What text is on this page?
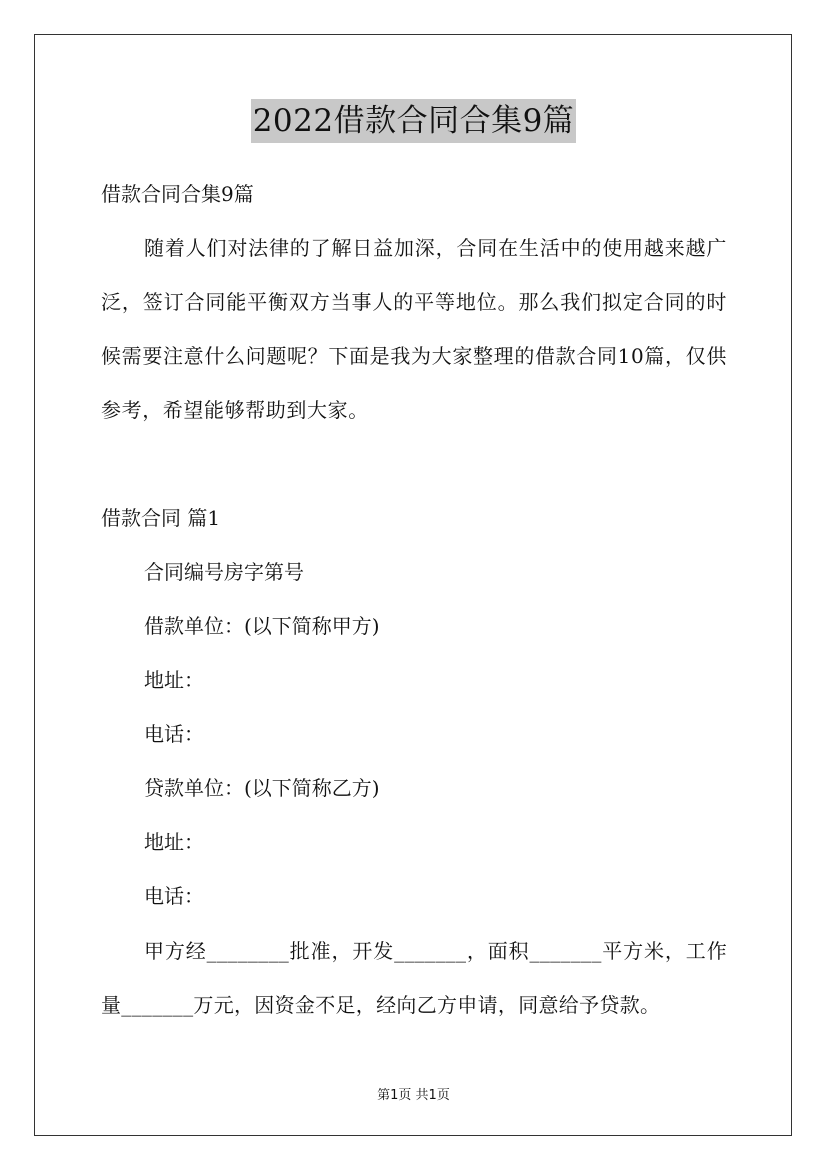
2022借款合同合集9篇
借款合同合集9篇
随着人们对法律的了解日益加深，合同在生活中的使用越来越广泛，签订合同能平衡双方当事人的平等地位。那么我们拟定合同的时候需要注意什么问题呢？下面是我为大家整理的借款合同10篇，仅供参考，希望能够帮助到大家。
借款合同 篇1
合同编号房字第号
借款单位：(以下简称甲方)
地址：
电话：
贷款单位：(以下简称乙方)
地址：
电话：
甲方经________批准，开发_______，面积_______平方米，工作量_______万元，因资金不足，经向乙方申请，同意给予贷款。
第1页 共1页
